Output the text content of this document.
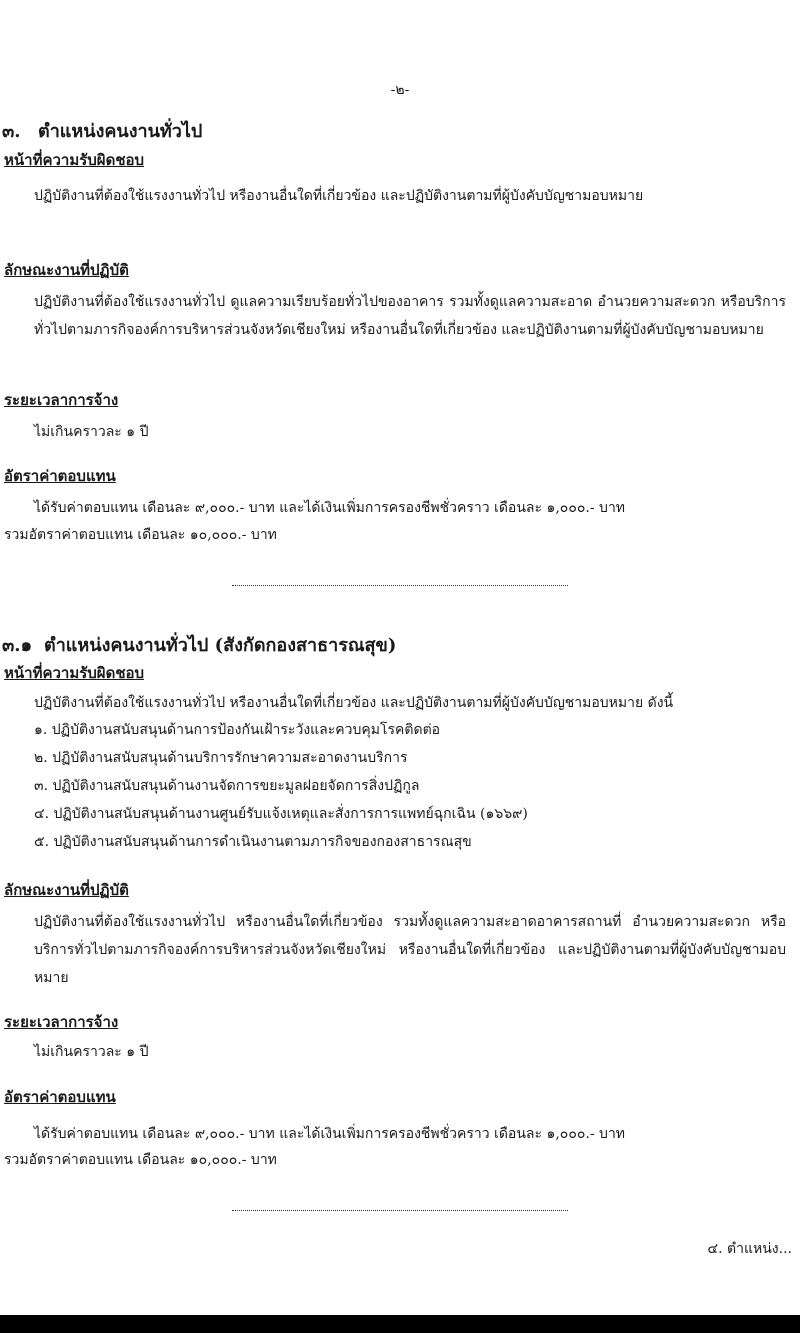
-๒-
๓. ตำแหน่งคนงานทั่วไป
หน้าที่ความรับผิดชอบ
ปฏิบัติงานที่ต้องใช้แรงงานทั่วไป หรืองานอื่นใดที่เกี่ยวข้อง และปฏิบัติงานตามที่ผู้บังคับบัญชามอบหมาย
ลักษณะงานที่ปฏิบัติ
ปฏิบัติงานที่ต้องใช้แรงงานทั่วไป ดูแลความเรียบร้อยทั่วไปของอาคาร รวมทั้งดูแลความสะอาด อำนวยความสะดวก หรือบริการทั่วไปตามภารกิจองค์การบริหารส่วนจังหวัดเชียงใหม่ หรืองานอื่นใดที่เกี่ยวข้อง และปฏิบัติงานตามที่ผู้บังคับบัญชามอบหมาย
ระยะเวลาการจ้าง
ไม่เกินคราวละ ๑ ปี
อัตราค่าตอบแทน
ได้รับค่าตอบแทน เดือนละ ๙,๐๐๐.- บาท และได้เงินเพิ่มการครองชีพชั่วคราว เดือนละ ๑,๐๐๐.- บาท
รวมอัตราค่าตอบแทน เดือนละ ๑๐,๐๐๐.- บาท
๓.๑ ตำแหน่งคนงานทั่วไป (สังกัดกองสาธารณสุข)
หน้าที่ความรับผิดชอบ
ปฏิบัติงานที่ต้องใช้แรงงานทั่วไป หรืองานอื่นใดที่เกี่ยวข้อง และปฏิบัติงานตามที่ผู้บังคับบัญชามอบหมาย ดังนี้
๑. ปฏิบัติงานสนับสนุนด้านการป้องกันเฝ้าระวังและควบคุมโรคติดต่อ
๒. ปฏิบัติงานสนับสนุนด้านบริการรักษาความสะอาดงานบริการ
๓. ปฏิบัติงานสนับสนุนด้านงานจัดการขยะมูลฝอยจัดการสิ่งปฏิกูล
๔. ปฏิบัติงานสนับสนุนด้านงานศูนย์รับแจ้งเหตุและสั่งการการแพทย์ฉุกเฉิน (๑๖๖๙)
๕. ปฏิบัติงานสนับสนุนด้านการดำเนินงานตามภารกิจของกองสาธารณสุข
ลักษณะงานที่ปฏิบัติ
ปฏิบัติงานที่ต้องใช้แรงงานทั่วไป หรืองานอื่นใดที่เกี่ยวข้อง รวมทั้งดูแลความสะอาดอาคารสถานที่ อำนวยความสะดวก หรือบริการทั่วไปตามภารกิจองค์การบริหารส่วนจังหวัดเชียงใหม่ หรืองานอื่นใดที่เกี่ยวข้อง และปฏิบัติงานตามที่ผู้บังคับบัญชามอบหมาย
ระยะเวลาการจ้าง
ไม่เกินคราวละ ๑ ปี
อัตราค่าตอบแทน
ได้รับค่าตอบแทน เดือนละ ๙,๐๐๐.- บาท และได้เงินเพิ่มการครองชีพชั่วคราว เดือนละ ๑,๐๐๐.- บาท
รวมอัตราค่าตอบแทน เดือนละ ๑๐,๐๐๐.- บาท
๔. ตำแหน่ง...
